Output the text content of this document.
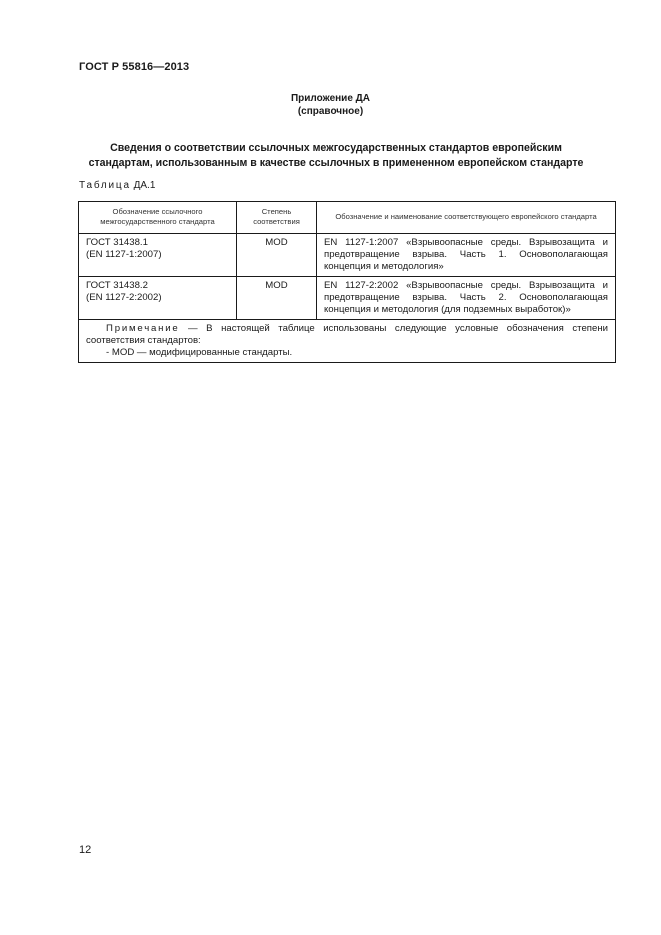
ГОСТ Р 55816—2013
Приложение ДА
(справочное)
Сведения о соответствии ссылочных межгосударственных стандартов европейским
стандартам, использованным в качестве ссылочных в примененном европейском стандарте
Таблица ДА.1
Обозначение ссылочного межгосударственного стандарта	Степень соответствия	Обозначение и наименование соответствующего европейского стандарта

ГОСТ 31438.1
(EN 1127-1:2007)	MOD	EN 1127-1:2007 «Взрывоопасные среды. Взрывозащита и предотвращение взрыва. Часть 1. Основополагающая концепция и методология»

ГОСТ 31438.2
(EN 1127-2:2002)	MOD	EN 1127-2:2002 «Взрывоопасные среды. Взрывозащита и предотвращение взрыва. Часть 2. Основополагающая концепция и методология (для подземных выработок)»
Примечание — В настоящей таблице использованы следующие условные обозначения степени соответствия стандартов:
- MOD — модифицированные стандарты.		
12
